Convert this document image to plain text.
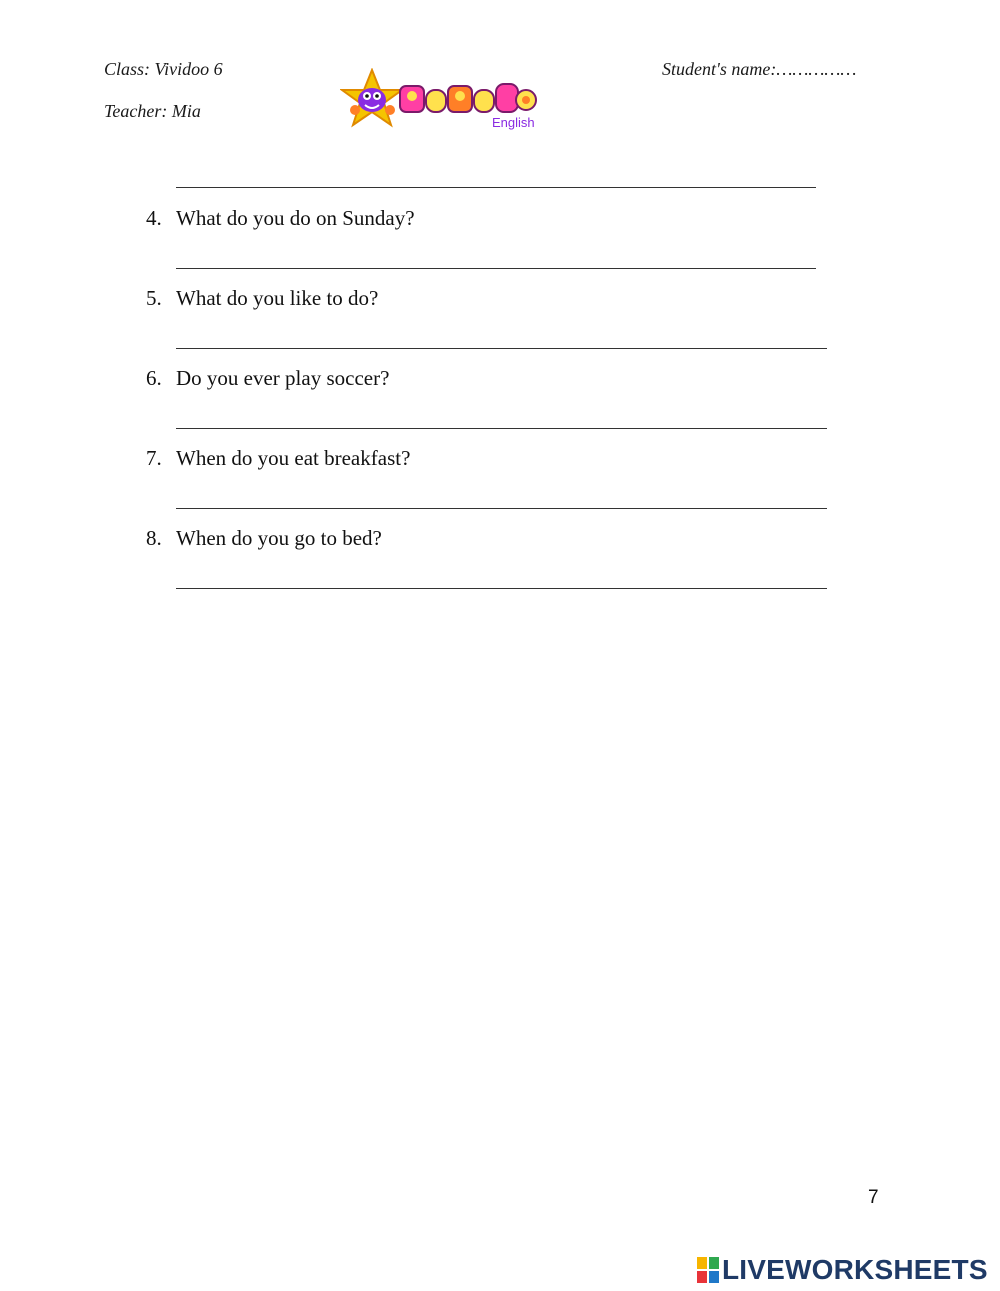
Class: Vividoo 6
Teacher: Mia
Student's name:……………
English
4. What do you do on Sunday?
5. What do you like to do?
6. Do you ever play soccer?
7. When do you eat breakfast?
8. When do you go to bed?
7
LIVEWORKSHEETS
